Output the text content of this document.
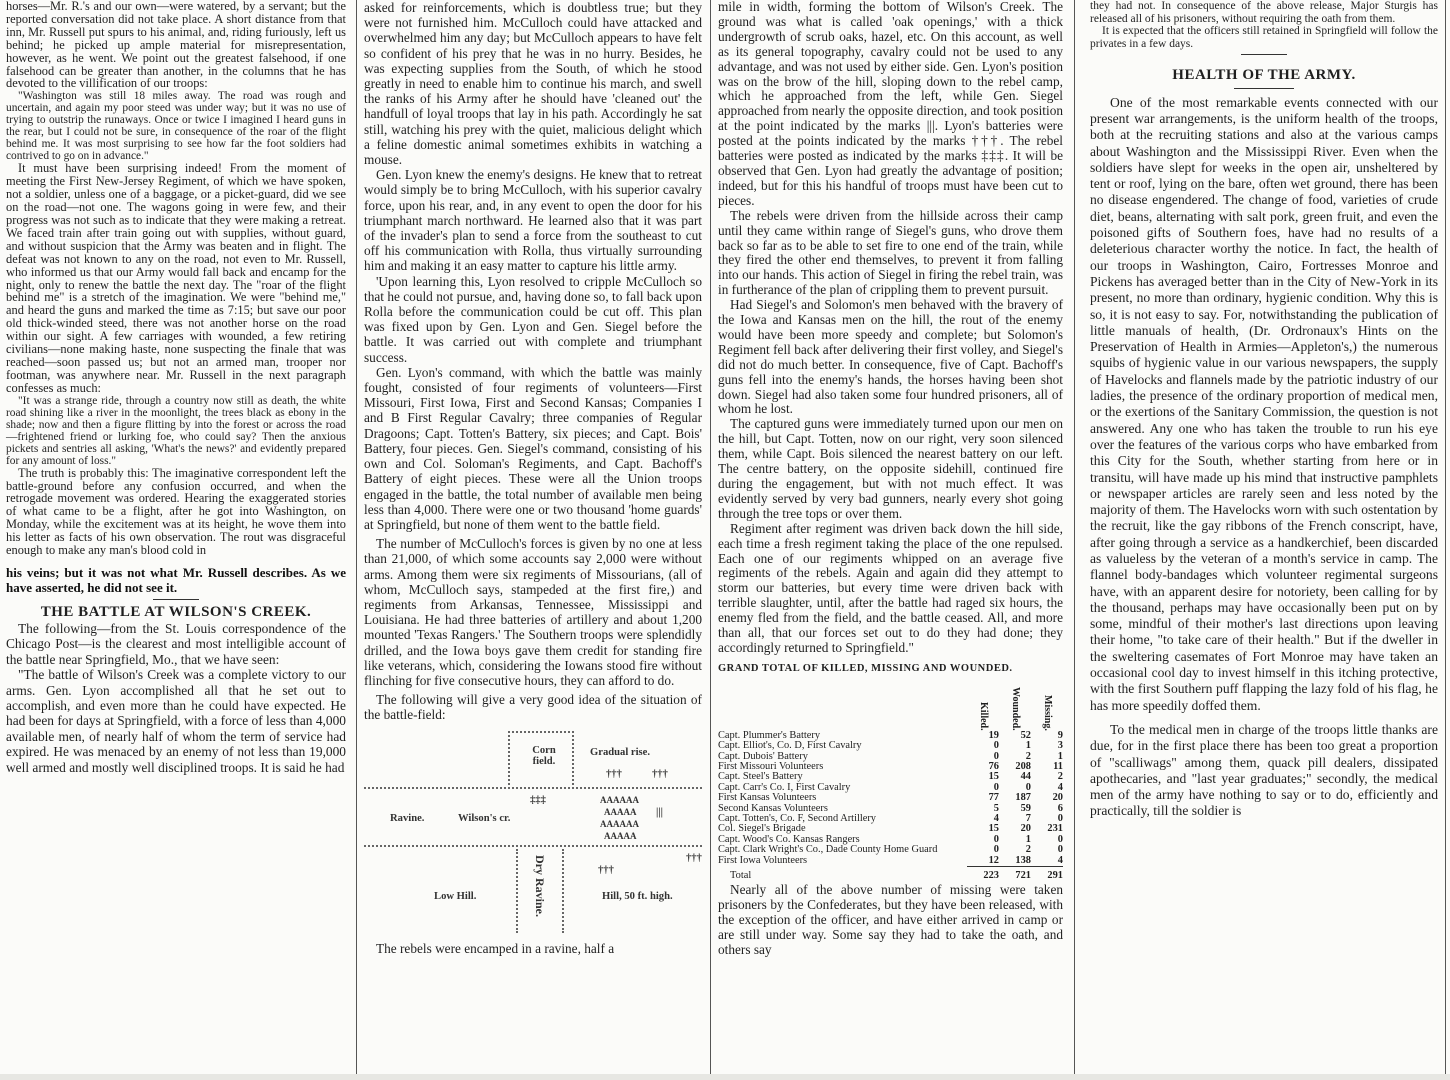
horses—Mr. R.'s and our own—were watered, by a servant; but the reported conversation did not take place. A short distance from that inn, Mr. Russell put spurs to his animal, and, riding furiously, left us behind; he picked up ample material for misrepresentation, however, as he went. We point out the greatest falsehood, if one falsehood can be greater than another, in the columns that he has devoted to the villification of our troops:

"Washington was still 18 miles away. The road was rough and uncertain, and again my poor steed was under way; but it was no use of trying to outstrip the runaways. Once or twice I imagined I heard guns in the rear, but I could not be sure, in consequence of the roar of the flight behind me. It was most surprising to see how far the foot soldiers had contrived to go on in advance."

It must have been surprising indeed! From the moment of meeting the First New-Jersey Regiment, of which we have spoken, not a soldier, unless one of a baggage, or a picket-guard, did we see on the road—not one. The wagons going in were few, and their progress was not such as to indicate that they were making a retreat. We faced train after train going out with supplies, without guard, and without suspicion that the Army was beaten and in flight. The defeat was not known to any on the road, not even to Mr. Russell, who informed us that our Army would fall back and encamp for the night, only to renew the battle the next day. The "roar of the flight behind me" is a stretch of the imagination. We were "behind me," and heard the guns and marked the time as 7:15; but save our poor old thick-winded steed, there was not another horse on the road within our sight. A few carriages with wounded, a few retiring civilians—none making haste, none suspecting the finale that was reached—soon passed us; but not an armed man, trooper nor footman, was anywhere near. Mr. Russell in the next paragraph confesses as much:

"It was a strange ride, through a country now still as death, the white road shining like a river in the moonlight, the trees black as ebony in the shade; now and then a figure flitting by into the forest or across the road—frightened friend or lurking foe, who could say? Then the anxious pickets and sentries all asking, 'What's the news?' and evidently prepared for any amount of loss."

The truth is probably this: The imaginative correspondent left the battle-ground before any confusion occurred, and when the retrogade movement was ordered. Hearing the exaggerated stories of what came to be a flight, after he got into Washington, on Monday, while the excitement was at its height, he wove them into his letter as facts of his own observation. The rout was disgraceful enough to make any man's blood cold in

his veins; but it was not what Mr. Russell describes. As we have asserted, he did not see it.

THE BATTLE AT WILSON'S CREEK.

The following—from the St. Louis correspondence of the Chicago Post—is the clearest and most intelligible account of the battle near Springfield, Mo., that we have seen:

"The battle of Wilson's Creek was a complete victory to our arms. Gen. Lyon accomplished all that he set out to accomplish, and even more than he could have expected. He had been for days at Springfield, with a force of less than 4,000 available men, of nearly half of whom the term of service had expired. He was menaced by an enemy of not less than 19,000 well armed and mostly well disciplined troops. It is said he had

asked for reinforcements, which is doubtless true; but they were not furnished him. McCulloch could have attacked and overwhelmed him any day; but McCulloch appears to have felt so confident of his prey that he was in no hurry. Besides, he was expecting supplies from the South, of which he stood greatly in need to enable him to continue his march, and swell the ranks of his Army after he should have 'cleaned out' the handfull of loyal troops that lay in his path. Accordingly he sat still, watching his prey with the quiet, malicious delight which a feline domestic animal sometimes exhibits in watching a mouse.

Gen. Lyon knew the enemy's designs. He knew that to retreat would simply be to bring McCulloch, with his superior cavalry force, upon his rear, and, in any event to open the door for his triumphant march northward. He learned also that it was part of the invader's plan to send a force from the southeast to cut off his communication with Rolla, thus virtually surrounding him and making it an easy matter to capture his little army.

'Upon learning this, Lyon resolved to cripple McCulloch so that he could not pursue, and, having done so, to fall back upon Rolla before the communication could be cut off. This plan was fixed upon by Gen. Lyon and Gen. Siegel before the battle. It was carried out with complete and triumphant success.

Gen. Lyon's command, with which the battle was mainly fought, consisted of four regiments of volunteers—First Missouri, First Iowa, First and Second Kansas; Companies I and B First Regular Cavalry; three companies of Regular Dragoons; Capt. Totten's Battery, six pieces; and Capt. Bois' Battery, four pieces. Gen. Siegel's command, consisting of his own and Col. Soloman's Regiments, and Capt. Bachoff's Battery of eight pieces. These were all the Union troops engaged in the battle, the total number of available men being less than 4,000. There were one or two thousand 'home guards' at Springfield, but none of them went to the battle field.

The number of McCulloch's forces is given by no one at less than 21,000, of which some accounts say 2,000 were without arms. Among them were six regiments of Missourians, (all of whom, McCulloch says, stampeded at the first fire,) and regiments from Arkansas, Tennessee, Mississippi and Louisiana. He had three batteries of artillery and about 1,200 mounted 'Texas Rangers.' The Southern troops were splendidly drilled, and the Iowa boys gave them credit for standing fire like veterans, which, considering the Iowans stood fire without flinching for five consecutive hours, they can afford to do.

The following will give a very good idea of the situation of the battle-field:

Corn field.
Gradual rise.
†††	†††
‡‡‡
Ravine.	Wilson's cr.
AAAAAA
AAAAA
AAAAAA
AAAAA
|||
Dry Ravine.	†††
†††
Low Hill.	Hill, 50 ft. high.

The rebels were encamped in a ravine, half a

mile in width, forming the bottom of Wilson's Creek. The ground was what is called 'oak openings,' with a thick undergrowth of scrub oaks, hazel, etc. On this account, as well as its general topography, cavalry could not be used to any advantage, and was not used by either side. Gen. Lyon's position was on the brow of the hill, sloping down to the rebel camp, which he approached from the left, while Gen. Siegel approached from nearly the opposite direction, and took position at the point indicated by the marks |||. Lyon's batteries were posted at the points indicated by the marks †††. The rebel batteries were posted as indicated by the marks ‡‡‡. It will be observed that Gen. Lyon had greatly the advantage of position; indeed, but for this his handful of troops must have been cut to pieces.

The rebels were driven from the hillside across their camp until they came within range of Siegel's guns, who drove them back so far as to be able to set fire to one end of the train, while they fired the other end themselves, to prevent it from falling into our hands. This action of Siegel in firing the rebel train, was in furtherance of the plan of crippling them to prevent pursuit.

Had Siegel's and Solomon's men behaved with the bravery of the Iowa and Kansas men on the hill, the rout of the enemy would have been more speedy and complete; but Solomon's Regiment fell back after delivering their first volley, and Siegel's did not do much better. In consequence, five of Capt. Bachoff's guns fell into the enemy's hands, the horses having been shot down. Siegel had also taken some four hundred prisoners, all of whom he lost.

The captured guns were immediately turned upon our men on the hill, but Capt. Totten, now on our right, very soon silenced them, while Capt. Bois silenced the nearest battery on our left. The centre battery, on the opposite sidehill, continued fire during the engagement, but with not much effect. It was evidently served by very bad gunners, nearly every shot going through the tree tops or over them.

Regiment after regiment was driven back down the hill side, each time a fresh regiment taking the place of the one repulsed. Each one of our regiments whipped on an average five regiments of the rebels. Again and again did they attempt to storm our batteries, but every time were driven back with terrible slaughter, until, after the battle had raged six hours, the enemy fled from the field, and the battle ceased. All, and more than all, that our forces set out to do they had done; they accordingly returned to Springfield."

GRAND TOTAL OF KILLED, MISSING AND WOUNDED.

	Killed.	Wounded.	Missing.

Capt. Plummer's Battery	19	52	9
Capt. Elliot's, Co. D, First Cavalry	0	1	3
Capt. Dubois' Battery	0	2	1
First Missouri Volunteers	76	208	11
Capt. Steel's Battery	15	44	2
Capt. Carr's Co. I, First Cavalry	0	0	4
First Kansas Volunteers	77	187	20
Second Kansas Volunteers	5	59	6
Capt. Totten's, Co. F, Second Artillery	4	7	0
Col. Siegel's Brigade	15	20	231
Capt. Wood's Co. Kansas Rangers	0	1	0
Capt. Clark Wright's Co., Dade County Home Guard	0	2	0
First Iowa Volunteers	12	138	4
Total	223	721	291

Nearly all of the above number of missing were taken prisoners by the Confederates, but they have been released, with the exception of the officer, and have either arrived in camp or are still under way. Some say they had to take the oath, and others say

they had not. In consequence of the above release, Major Sturgis has released all of his prisoners, without requiring the oath from them.

It is expected that the officers still retained in Springfield will follow the privates in a few days.

HEALTH OF THE ARMY.

One of the most remarkable events connected with our present war arrangements, is the uniform health of the troops, both at the recruiting stations and also at the various camps about Washington and the Mississippi River. Even when the soldiers have slept for weeks in the open air, unsheltered by tent or roof, lying on the bare, often wet ground, there has been no disease engendered. The change of food, varieties of crude diet, beans, alternating with salt pork, green fruit, and even the poisoned gifts of Southern foes, have had no results of a deleterious character worthy the notice. In fact, the health of our troops in Washington, Cairo, Fortresses Monroe and Pickens has averaged better than in the City of New-York in its present, no more than ordinary, hygienic condition. Why this is so, it is not easy to say. For, notwithstanding the publication of little manuals of health, (Dr. Ordronaux's Hints on the Preservation of Health in Armies—Appleton's,) the numerous squibs of hygienic value in our various newspapers, the supply of Havelocks and flannels made by the patriotic industry of our ladies, the presence of the ordinary proportion of medical men, or the exertions of the Sanitary Commission, the question is not answered. Any one who has taken the trouble to run his eye over the features of the various corps who have embarked from this City for the South, whether starting from here or in transitu, will have made up his mind that instructive pamphlets or newspaper articles are rarely seen and less noted by the majority of them. The Havelocks worn with such ostentation by the recruit, like the gay ribbons of the French conscript, have, after going through a service as a handkerchief, been discarded as valueless by the veteran of a month's service in camp. The flannel body-bandages which volunteer regimental surgeons have, with an apparent desire for notoriety, been calling for by the thousand, perhaps may have occasionally been put on by some, mindful of their mother's last directions upon leaving their home, "to take care of their health." But if the dweller in the sweltering casemates of Fort Monroe may have taken an occasional cool day to invest himself in this itching protective, with the first Southern puff flapping the lazy fold of his flag, he has more speedily doffed them.

To the medical men in charge of the troops little thanks are due, for in the first place there has been too great a proportion of "scalliwags" among them, quack pill dealers, dissipated apothecaries, and "last year graduates;" secondly, the medical men of the army have nothing to say or to do, efficiently and practically, till the soldier is
